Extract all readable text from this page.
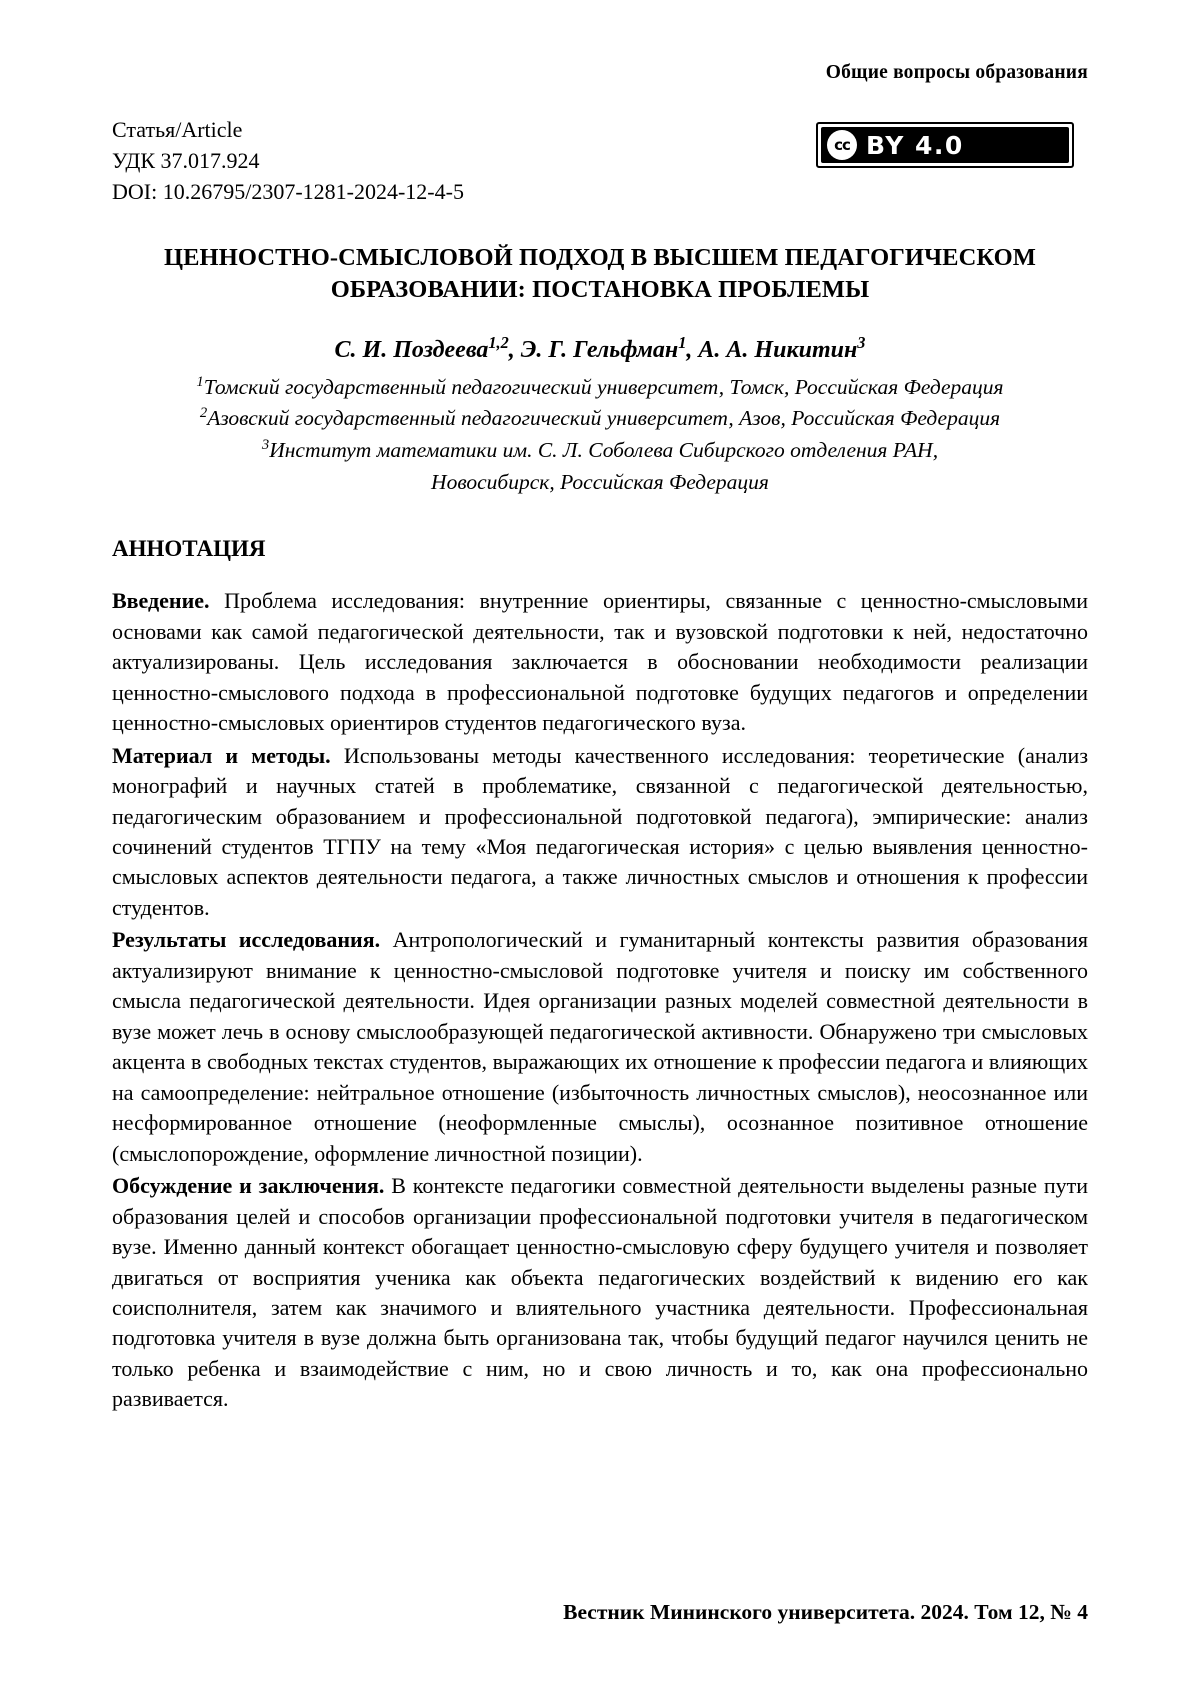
Общие вопросы образования
Статья/Article
УДК 37.017.924
DOI: 10.26795/2307-1281-2024-12-4-5
cc BY 4.0
ЦЕННОСТНО-СМЫСЛОВОЙ ПОДХОД В ВЫСШЕМ ПЕДАГОГИЧЕСКОМ ОБРАЗОВАНИИ: ПОСТАНОВКА ПРОБЛЕМЫ
С. И. Поздеева$^{1,2}$, Э. Г. Гельфман$^1$, А. А. Никитин$^3$
$^1$Томский государственный педагогический университет, Томск, Российская Федерация
$^2$Азовский государственный педагогический университет, Азов, Российская Федерация
$^3$Институт математики им. С. Л. Соболева Сибирского отделения РАН,
Новосибирск, Российская Федерация
АННОТАЦИЯ

Введение. Проблема исследования: внутренние ориентиры, связанные с ценностно-смысловыми основами как самой педагогической деятельности, так и вузовской подготовки к ней, недостаточно актуализированы. Цель исследования заключается в обосновании необходимости реализации ценностно-смыслового подхода в профессиональной подготовке будущих педагогов и определении ценностно-смысловых ориентиров студентов педагогического вуза.

Материал и методы. Использованы методы качественного исследования: теоретические (анализ монографий и научных статей в проблематике, связанной с педагогической деятельностью, педагогическим образованием и профессиональной подготовкой педагога), эмпирические: анализ сочинений студентов ТГПУ на тему «Моя педагогическая история» с целью выявления ценностно-смысловых аспектов деятельности педагога, а также личностных смыслов и отношения к профессии студентов.

Результаты исследования. Антропологический и гуманитарный контексты развития образования актуализируют внимание к ценностно-смысловой подготовке учителя и поиску им собственного смысла педагогической деятельности. Идея организации разных моделей совместной деятельности в вузе может лечь в основу смыслообразующей педагогической активности. Обнаружено три смысловых акцента в свободных текстах студентов, выражающих их отношение к профессии педагога и влияющих на самоопределение: нейтральное отношение (избыточность личностных смыслов), неосознанное или несформированное отношение (неоформленные смыслы), осознанное позитивное отношение (смыслопорождение, оформление личностной позиции).

Обсуждение и заключения. В контексте педагогики совместной деятельности выделены разные пути образования целей и способов организации профессиональной подготовки учителя в педагогическом вузе. Именно данный контекст обогащает ценностно-смысловую сферу будущего учителя и позволяет двигаться от восприятия ученика как объекта педагогических воздействий к видению его как соисполнителя, затем как значимого и влиятельного участника деятельности. Профессиональная подготовка учителя в вузе должна быть организована так, чтобы будущий педагог научился ценить не только ребенка и взаимодействие с ним, но и свою личность и то, как она профессионально развивается.

Вестник Мининского университета. 2024. Том 12, № 4
